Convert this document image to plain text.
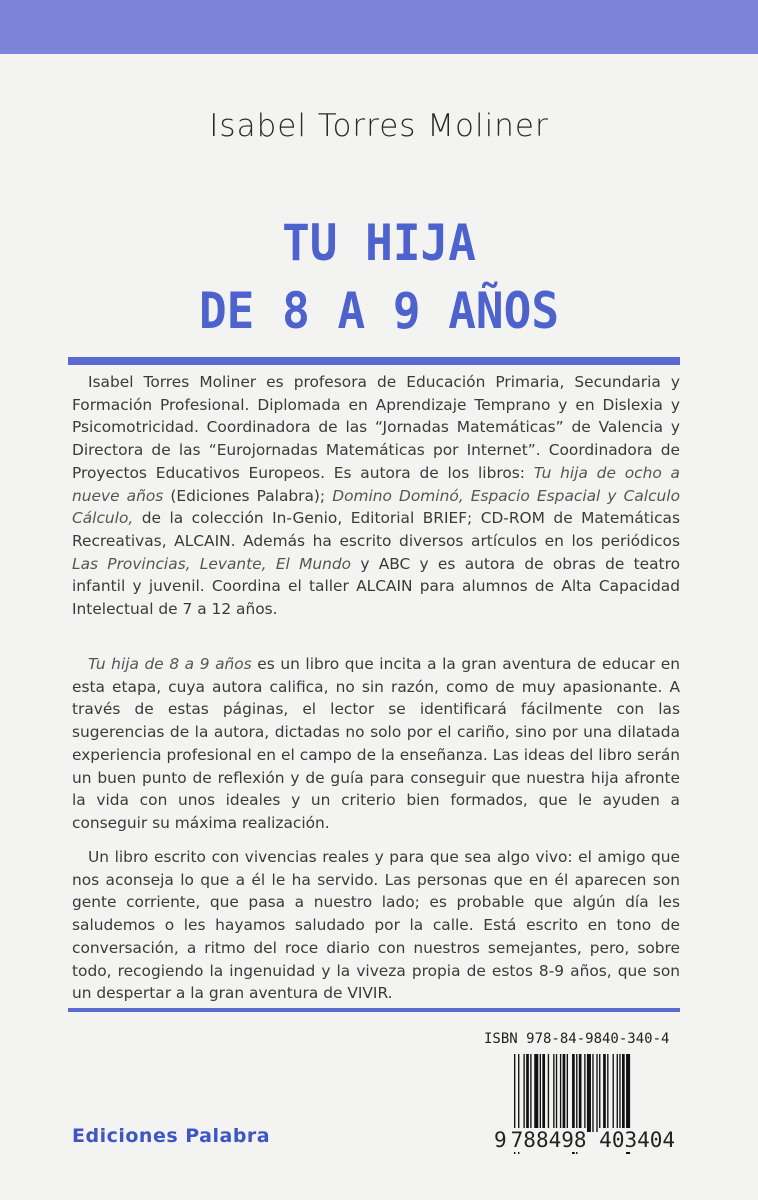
Isabel Torres Moliner
TU HIJA
DE 8 A 9 AÑOS
Isabel Torres Moliner es profesora de Educación Primaria, Secundaria y Formación Profesional. Diplomada en Aprendizaje Temprano y en Dislexia y Psicomotricidad. Coordinadora de las “Jornadas Matemáticas” de Valencia y Directora de las “Eurojornadas Matemáticas por Internet”. Coordinadora de Proyectos Educativos Europeos. Es autora de los libros: Tu hija de ocho a nueve años (Ediciones Palabra); Domino Dominó, Espacio Espacial y Calculo Cálculo, de la colección In-Genio, Editorial BRIEF; CD-ROM de Matemáticas Recreativas, ALCAIN. Además ha escrito diversos artículos en los periódicos Las Provincias, Levante, El Mundo y ABC y es autora de obras de teatro infantil y juvenil. Coordina el taller ALCAIN para alumnos de Alta Capacidad Intelectual de 7 a 12 años.
Tu hija de 8 a 9 años es un libro que incita a la gran aventura de educar en esta etapa, cuya autora califica, no sin razón, como de muy apasionante. A través de estas páginas, el lector se identificará fácilmente con las sugerencias de la autora, dictadas no solo por el cariño, sino por una dilatada experiencia profesional en el campo de la enseñanza. Las ideas del libro serán un buen punto de reflexión y de guía para conseguir que nuestra hija afronte la vida con unos ideales y un criterio bien formados, que le ayuden a conseguir su máxima realización.
Un libro escrito con vivencias reales y para que sea algo vivo: el amigo que nos aconseja lo que a él le ha servido. Las personas que en él aparecen son gente corriente, que pasa a nuestro lado; es probable que algún día les saludemos o les hayamos saludado por la calle. Está escrito en tono de conversación, a ritmo del roce diario con nuestros semejantes, pero, sobre todo, recogiendo la ingenuidad y la viveza propia de estos 8-9 años, que son un despertar a la gran aventura de VIVIR.
ISBN 978-84-9840-340-4
9 788498 403404
Ediciones Palabra
